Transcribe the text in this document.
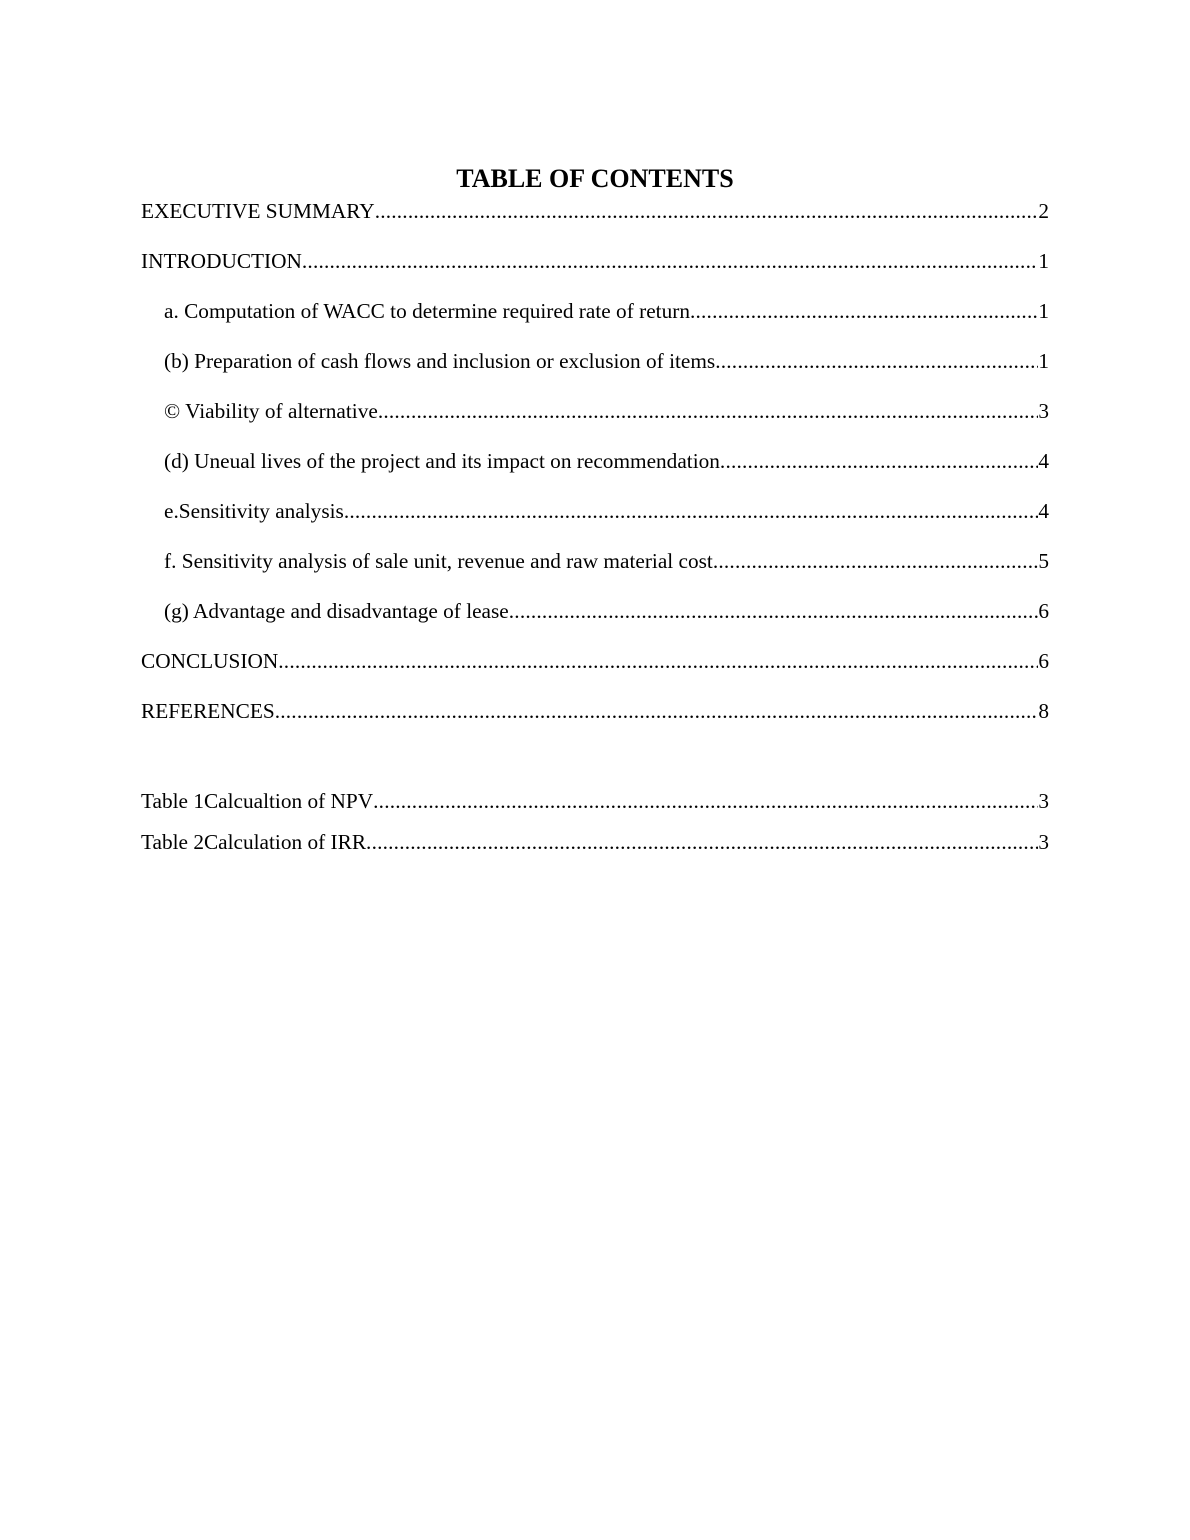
TABLE OF CONTENTS
EXECUTIVE SUMMARY .....	2
INTRODUCTION .....	1
a. Computation of WACC to determine required rate of return .....	1
(b) Preparation of cash flows and inclusion or exclusion of items .....	1
© Viability of alternative .....	3
(d) Uneual lives of the project and its impact on recommendation .....	4
e.Sensitivity analysis .....	4
f. Sensitivity analysis of sale unit, revenue and raw material cost .....	5
(g) Advantage and disadvantage of lease .....	6
CONCLUSION .....	6
REFERENCES .....	8
Table 1Calcualtion of NPV .....	3
Table 2Calculation of IRR .....	3
